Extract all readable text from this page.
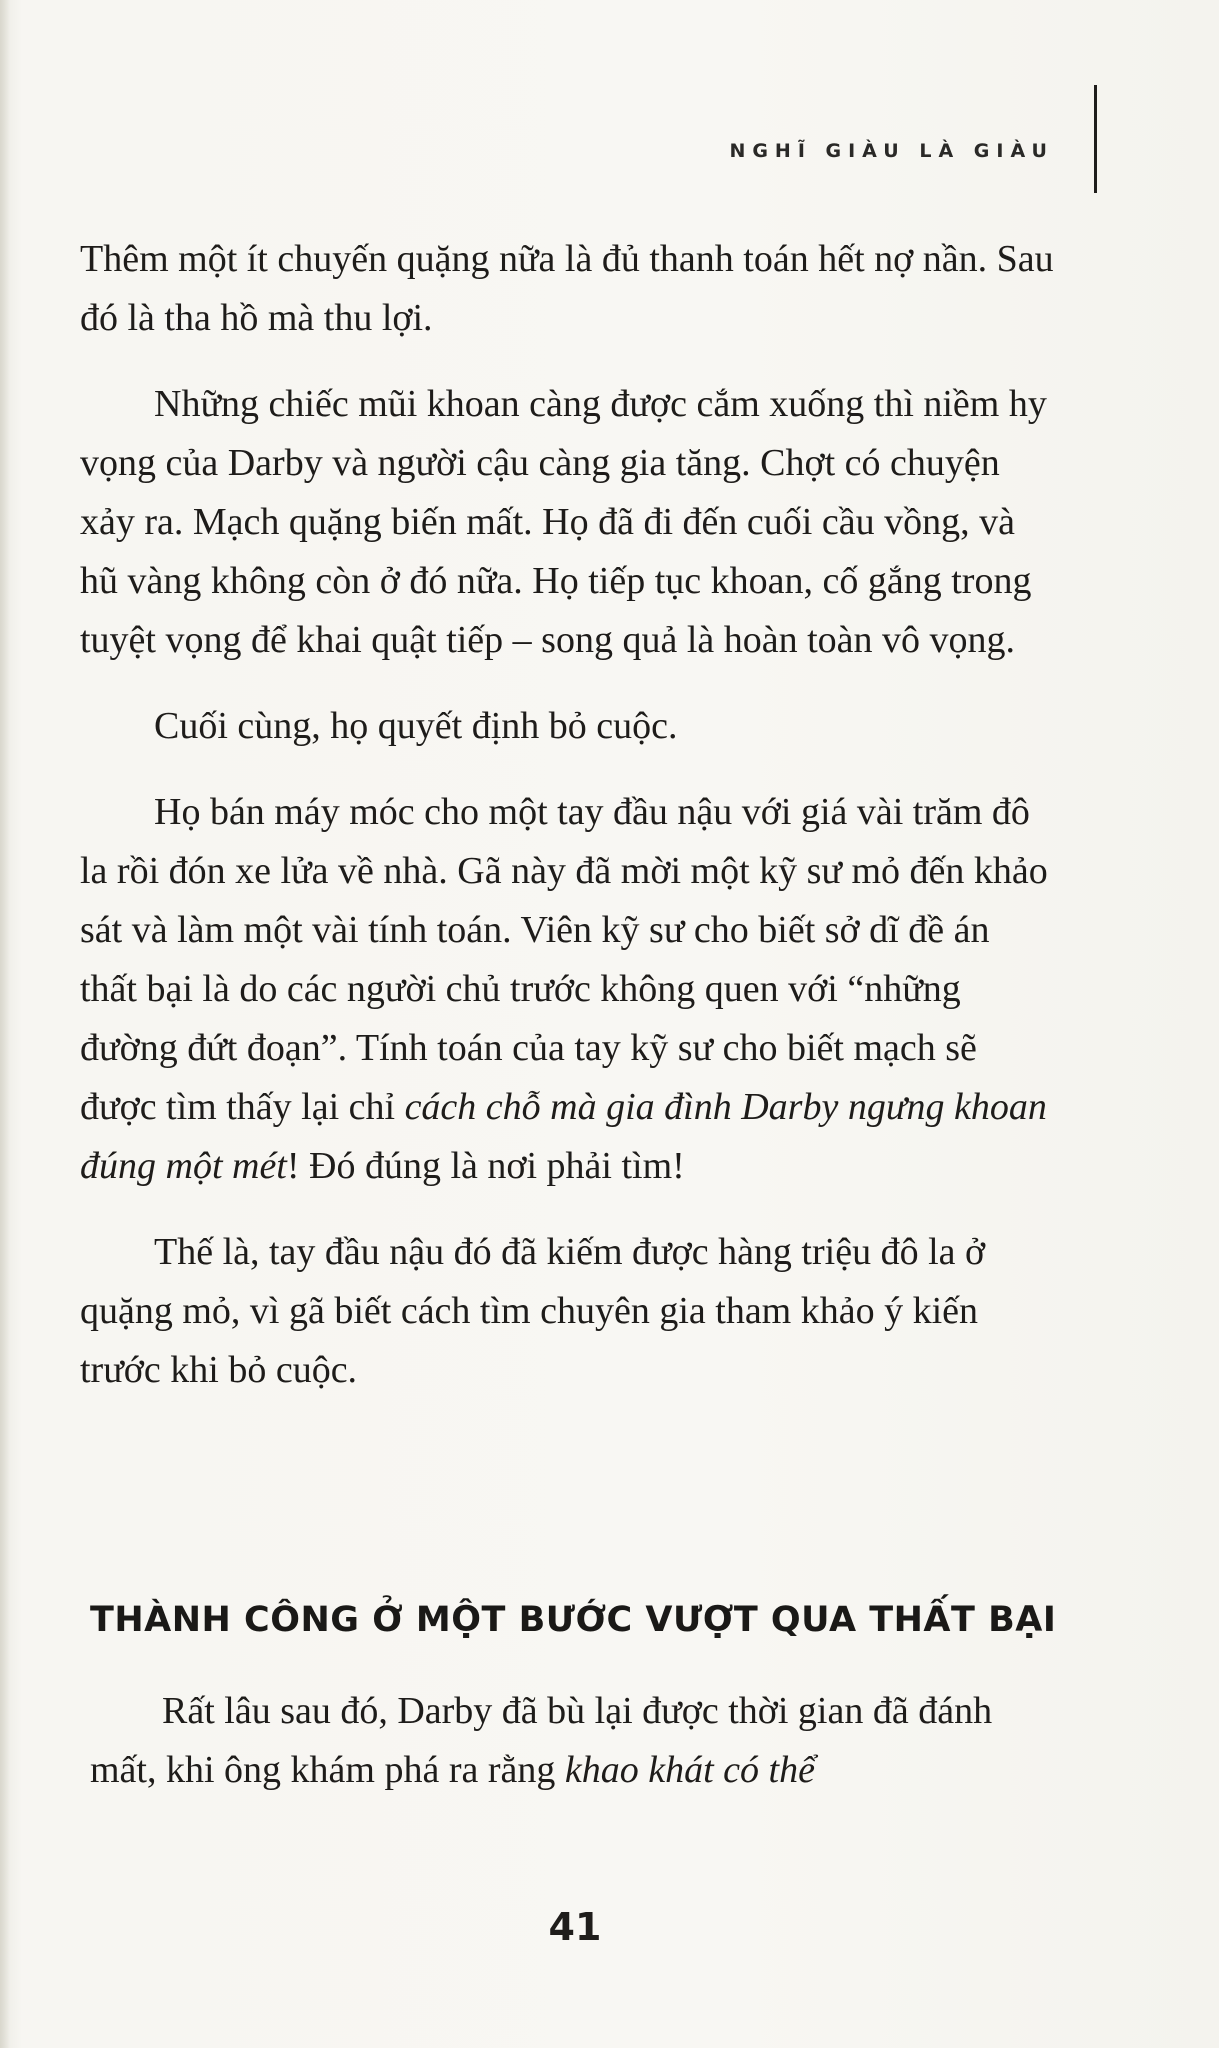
NGHĨ GIÀU LÀ GIÀU

Thêm một ít chuyến quặng nữa là đủ thanh toán hết nợ nần. Sau đó là tha hồ mà thu lợi.

Những chiếc mũi khoan càng được cắm xuống thì niềm hy vọng của Darby và người cậu càng gia tăng. Chợt có chuyện xảy ra. Mạch quặng biến mất. Họ đã đi đến cuối cầu vồng, và hũ vàng không còn ở đó nữa. Họ tiếp tục khoan, cố gắng trong tuyệt vọng để khai quật tiếp – song quả là hoàn toàn vô vọng.

Cuối cùng, họ quyết định bỏ cuộc.

Họ bán máy móc cho một tay đầu nậu với giá vài trăm đô la rồi đón xe lửa về nhà. Gã này đã mời một kỹ sư mỏ đến khảo sát và làm một vài tính toán. Viên kỹ sư cho biết sở dĩ đề án thất bại là do các người chủ trước không quen với “những đường đứt đoạn”. Tính toán của tay kỹ sư cho biết mạch sẽ được tìm thấy lại chỉ cách chỗ mà gia đình Darby ngưng khoan đúng một mét! Đó đúng là nơi phải tìm!

Thế là, tay đầu nậu đó đã kiếm được hàng triệu đô la ở quặng mỏ, vì gã biết cách tìm chuyên gia tham khảo ý kiến trước khi bỏ cuộc.

THÀNH CÔNG Ở MỘT BƯỚC VƯỢT QUA THẤT BẠI

Rất lâu sau đó, Darby đã bù lại được thời gian đã đánh mất, khi ông khám phá ra rằng khao khát có thể

41
